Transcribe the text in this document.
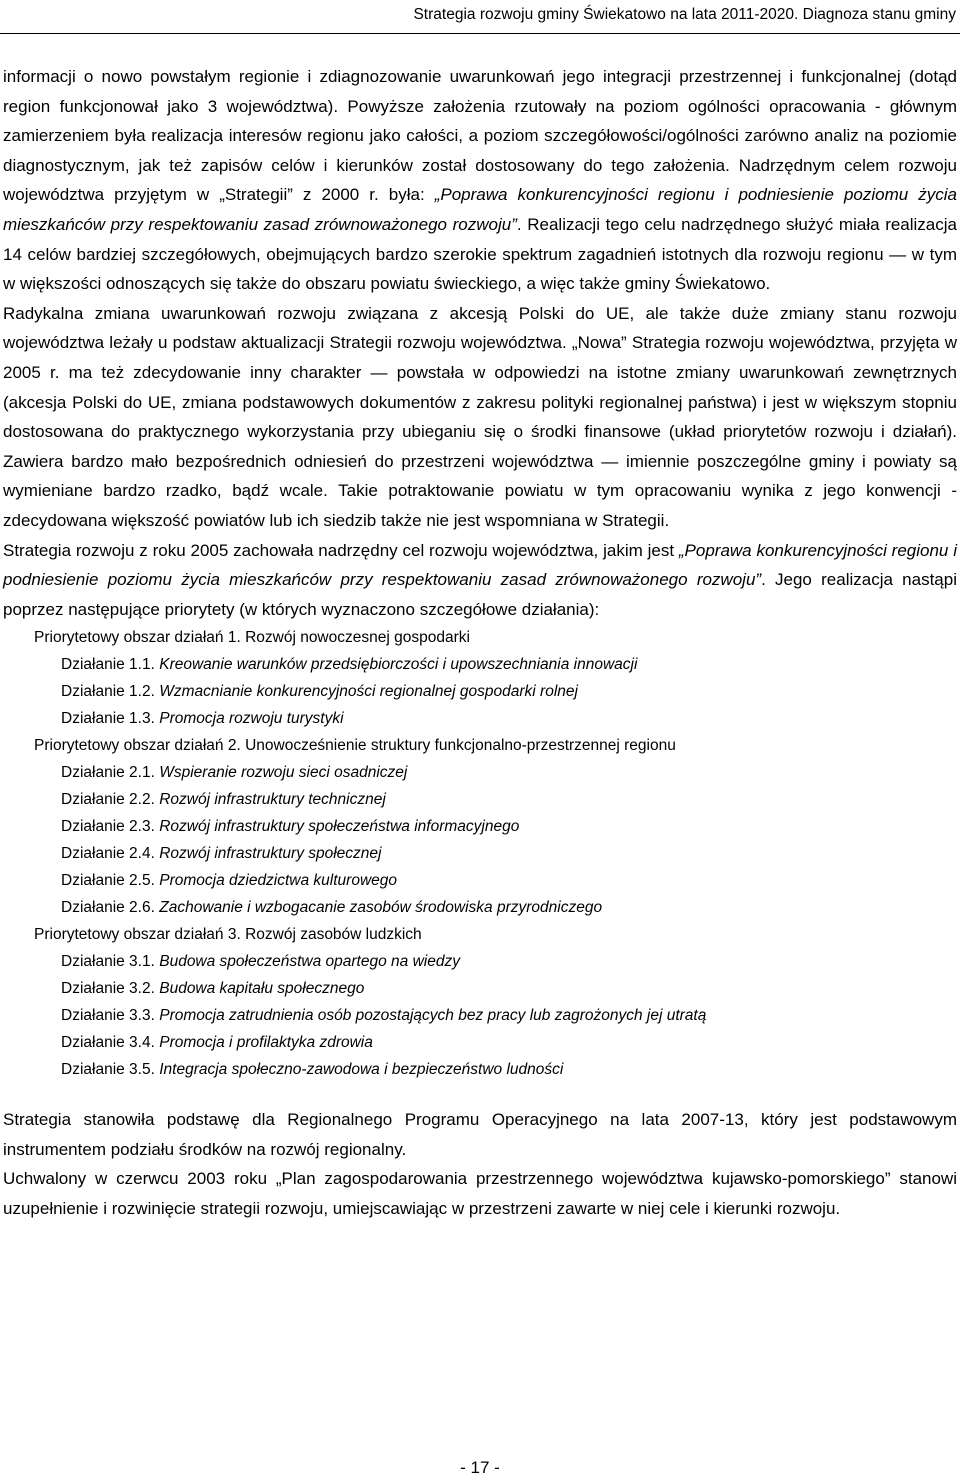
Strategia rozwoju gminy Świekatowo na lata 2011-2020. Diagnoza stanu gminy

informacji o nowo powstałym regionie i zdiagnozowanie uwarunkowań jego integracji przestrzennej i funkcjonalnej (dotąd region funkcjonował jako 3 województwa). Powyższe założenia rzutowały na poziom ogólności opracowania - głównym zamierzeniem była realizacja interesów regionu jako całości, a poziom szczegółowości/ogólności zarówno analiz na poziomie diagnostycznym, jak też zapisów celów i kierunków został dostosowany do tego założenia. Nadrzędnym celem rozwoju województwa przyjętym w „Strategii” z 2000 r. była: „Poprawa konkurencyjności regionu i podniesienie poziomu życia mieszkańców przy respektowaniu zasad zrównoważonego rozwoju”. Realizacji tego celu nadrzędnego służyć miała realizacja 14 celów bardziej szczegółowych, obejmujących bardzo szerokie spektrum zagadnień istotnych dla rozwoju regionu — w tym w większości odnoszących się także do obszaru powiatu świeckiego, a więc także gminy Świekatowo.

Radykalna zmiana uwarunkowań rozwoju związana z akcesją Polski do UE, ale także duże zmiany stanu rozwoju województwa leżały u podstaw aktualizacji Strategii rozwoju województwa. „Nowa” Strategia rozwoju województwa, przyjęta w 2005 r. ma też zdecydowanie inny charakter — powstała w odpowiedzi na istotne zmiany uwarunkowań zewnętrznych (akcesja Polski do UE, zmiana podstawowych dokumentów z zakresu polityki regionalnej państwa) i jest w większym stopniu dostosowana do praktycznego wykorzystania przy ubieganiu się o środki finansowe (układ priorytetów rozwoju i działań). Zawiera bardzo mało bezpośrednich odniesień do przestrzeni województwa — imiennie poszczególne gminy i powiaty są wymieniane bardzo rzadko, bądź wcale. Takie potraktowanie powiatu w tym opracowaniu wynika z jego konwencji - zdecydowana większość powiatów lub ich siedzib także nie jest wspomniana w Strategii.

Strategia rozwoju z roku 2005 zachowała nadrzędny cel rozwoju województwa, jakim jest „Poprawa konkurencyjności regionu i podniesienie poziomu życia mieszkańców przy respektowaniu zasad zrównoważonego rozwoju”. Jego realizacja nastąpi poprzez następujące priorytety (w których wyznaczono szczegółowe działania):

Priorytetowy obszar działań 1. Rozwój nowoczesnej gospodarki
Działanie 1.1. Kreowanie warunków przedsiębiorczości i upowszechniania innowacji
Działanie 1.2. Wzmacnianie konkurencyjności regionalnej gospodarki rolnej
Działanie 1.3. Promocja rozwoju turystyki
Priorytetowy obszar działań 2. Unowocześnienie struktury funkcjonalno-przestrzennej regionu
Działanie 2.1. Wspieranie rozwoju sieci osadniczej
Działanie 2.2. Rozwój infrastruktury technicznej
Działanie 2.3. Rozwój infrastruktury społeczeństwa informacyjnego
Działanie 2.4. Rozwój infrastruktury społecznej
Działanie 2.5. Promocja dziedzictwa kulturowego
Działanie 2.6. Zachowanie i wzbogacanie zasobów środowiska przyrodniczego
Priorytetowy obszar działań 3. Rozwój zasobów ludzkich
Działanie 3.1. Budowa społeczeństwa opartego na wiedzy
Działanie 3.2. Budowa kapitału społecznego
Działanie 3.3. Promocja zatrudnienia osób pozostających bez pracy lub zagrożonych jej utratą
Działanie 3.4. Promocja i profilaktyka zdrowia
Działanie 3.5. Integracja społeczno-zawodowa i bezpieczeństwo ludności

Strategia stanowiła podstawę dla Regionalnego Programu Operacyjnego na lata 2007-13, który jest podstawowym instrumentem podziału środków na rozwój regionalny.

Uchwalony w czerwcu 2003 roku „Plan zagospodarowania przestrzennego województwa kujawsko-pomorskiego” stanowi uzupełnienie i rozwinięcie strategii rozwoju, umiejscawiając w przestrzeni zawarte w niej cele i kierunki rozwoju.

- 17 -
